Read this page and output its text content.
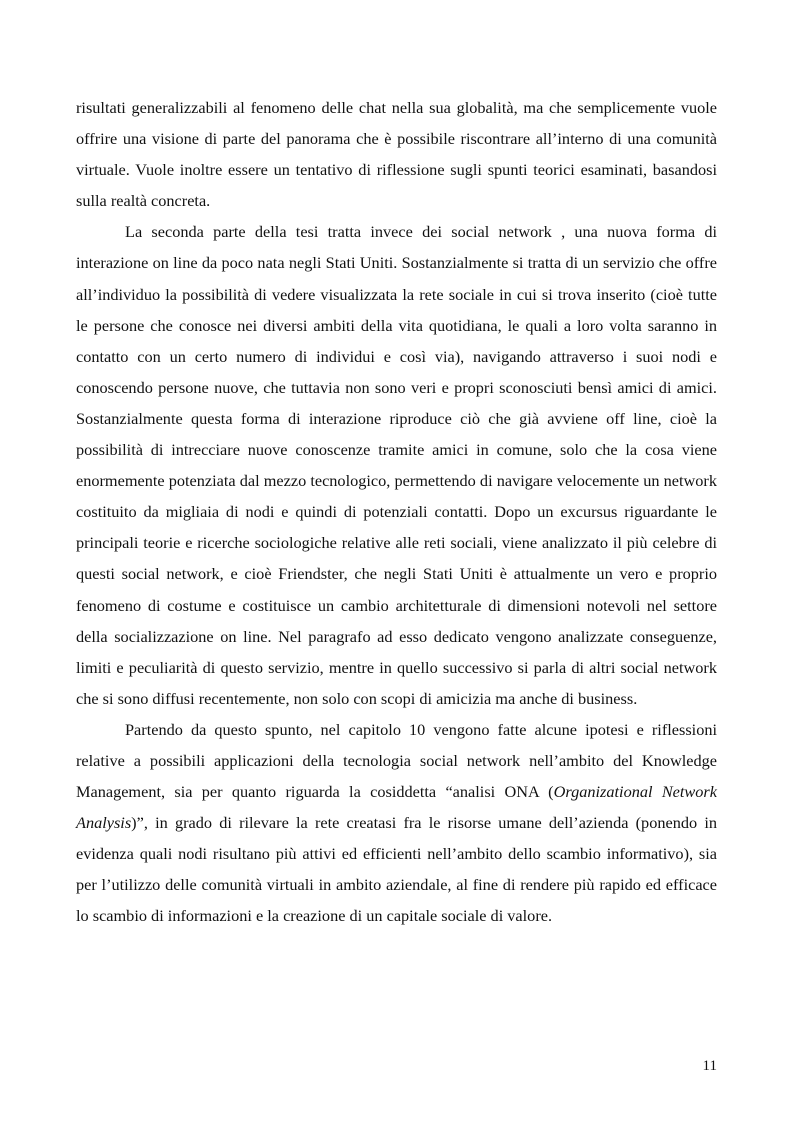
risultati generalizzabili al fenomeno delle chat nella sua globalità, ma che semplicemente vuole offrire una visione di parte del panorama che è possibile riscontrare all’interno di una comunità virtuale. Vuole inoltre essere un tentativo di riflessione sugli spunti teorici esaminati, basandosi sulla realtà concreta.

La seconda parte della tesi tratta invece dei social network , una nuova forma di interazione on line da poco nata negli Stati Uniti. Sostanzialmente si tratta di un servizio che offre all’individuo la possibilità di vedere visualizzata la rete sociale in cui si trova inserito (cioè tutte le persone che conosce nei diversi ambiti della vita quotidiana, le quali a loro volta saranno in contatto con un certo numero di individui e così via), navigando attraverso i suoi nodi e conoscendo persone nuove, che tuttavia non sono veri e propri sconosciuti bensì amici di amici. Sostanzialmente questa forma di interazione riproduce ciò che già avviene off line, cioè la possibilità di intrecciare nuove conoscenze tramite amici in comune, solo che la cosa viene enormemente potenziata dal mezzo tecnologico, permettendo di navigare velocemente un network costituito da migliaia di nodi e quindi di potenziali contatti. Dopo un excursus riguardante le principali teorie e ricerche sociologiche relative alle reti sociali, viene analizzato il più celebre di questi social network, e cioè Friendster, che negli Stati Uniti è attualmente un vero e proprio fenomeno di costume e costituisce un cambio architetturale di dimensioni notevoli nel settore della socializzazione on line. Nel paragrafo ad esso dedicato vengono analizzate conseguenze, limiti e peculiarità di questo servizio, mentre in quello successivo si parla di altri social network che si sono diffusi recentemente, non solo con scopi di amicizia ma anche di business.

Partendo da questo spunto, nel capitolo 10 vengono fatte alcune ipotesi e riflessioni relative a possibili applicazioni della tecnologia social network nell’ambito del Knowledge Management, sia per quanto riguarda la cosiddetta “analisi ONA (Organizational Network Analysis)”, in grado di rilevare la rete creatasi fra le risorse umane dell’azienda (ponendo in evidenza quali nodi risultano più attivi ed efficienti nell’ambito dello scambio informativo), sia per l’utilizzo delle comunità virtuali in ambito aziendale, al fine di rendere più rapido ed efficace lo scambio di informazioni e la creazione di un capitale sociale di valore.

11
